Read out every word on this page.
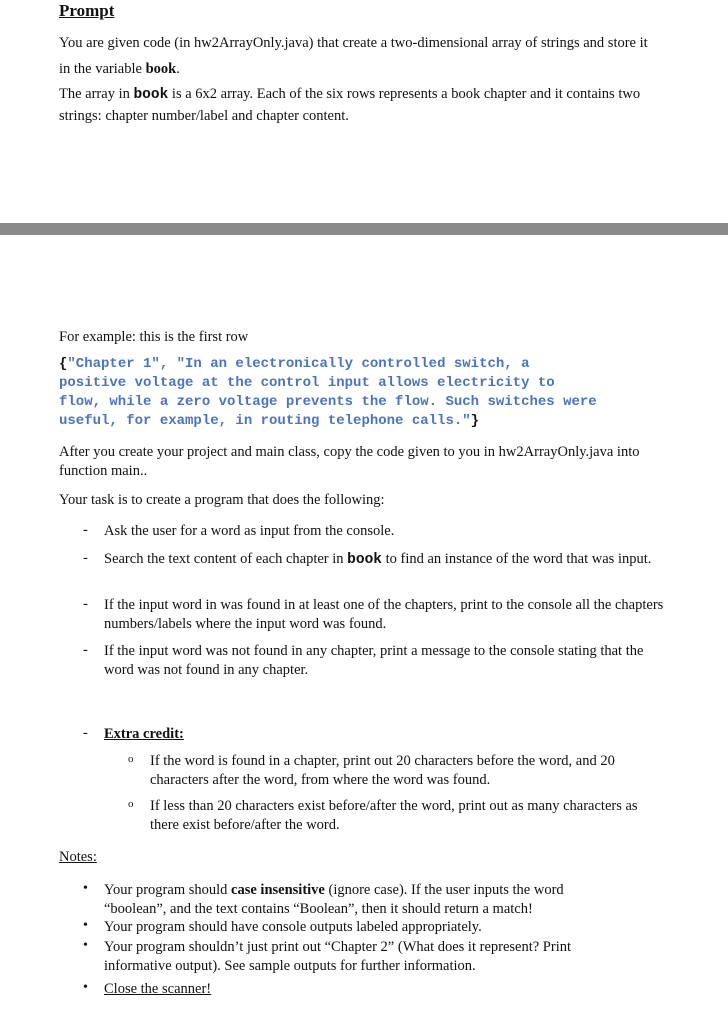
Prompt

You are given code (in hw2ArrayOnly.java) that create a two-dimensional array of strings and store it in the variable book.

The array in book is a 6x2 array. Each of the six rows represents a book chapter and it contains two strings: chapter number/label and chapter content.

For example: this is the first row

{"Chapter 1", "In an electronically controlled switch, a
positive voltage at the control input allows electricity to
flow, while a zero voltage prevents the flow. Such switches were
useful, for example, in routing telephone calls."}

After you create your project and main class, copy the code given to you in hw2ArrayOnly.java into function main..

Your task is to create a program that does the following:

- Ask the user for a word as input from the console.
- Search the text content of each chapter in book to find an instance of the word that was input.
- If the input word in was found in at least one of the chapters, print to the console all the chapters numbers/labels where the input word was found.
- If the input word was not found in any chapter, print a message to the console stating that the word was not found in any chapter.
- Extra credit:
o If the word is found in a chapter, print out 20 characters before the word, and 20 characters after the word, from where the word was found.
o If less than 20 characters exist before/after the word, print out as many characters as there exist before/after the word.
Notes:
• Your program should case insensitive (ignore case). If the user inputs the word “boolean”, and the text contains “Boolean”, then it should return a match!
• Your program should have console outputs labeled appropriately.
• Your program shouldn’t just print out “Chapter 2” (What does it represent? Print informative output). See sample outputs for further information.
• Close the scanner!
